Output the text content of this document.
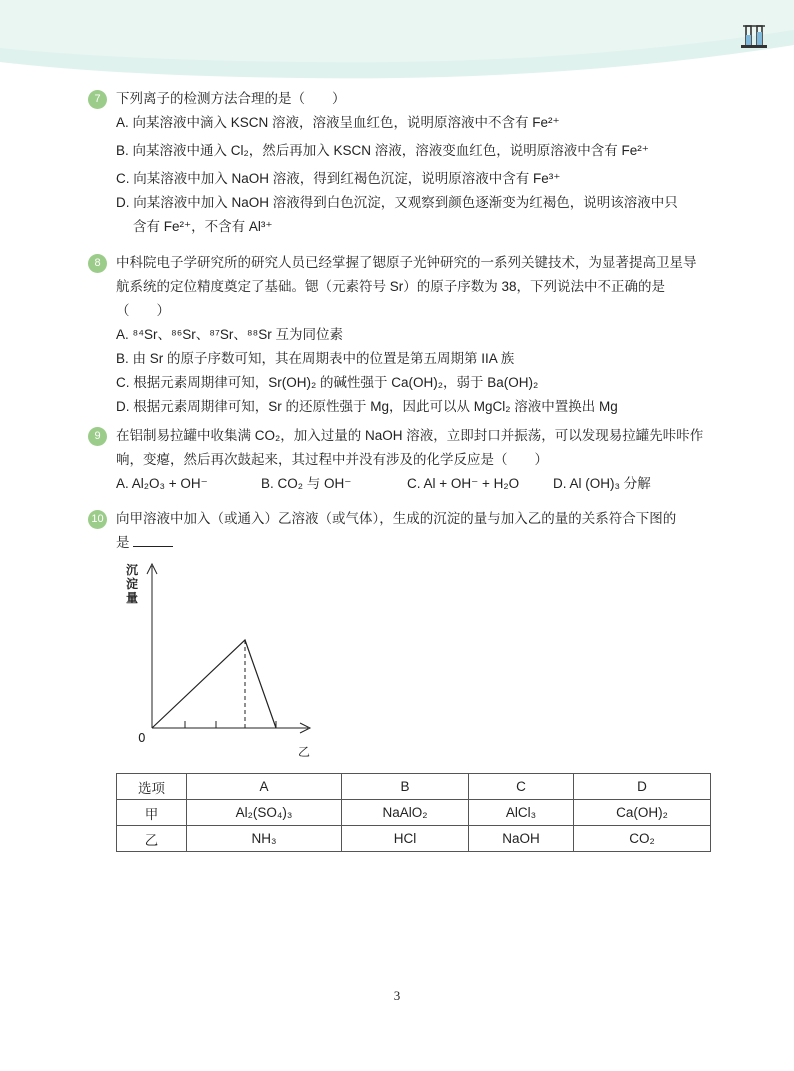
7	下列离子的检测方法合理的是（　　）
A. 向某溶液中滴入 KSCN 溶液，溶液呈血红色，说明原溶液中不含有 Fe²⁺
B. 向某溶液中通入 Cl₂，然后再加入 KSCN 溶液，溶液变血红色，说明原溶液中含有 Fe²⁺
C. 向某溶液中加入 NaOH 溶液，得到红褐色沉淀，说明原溶液中含有 Fe³⁺
D. 向某溶液中加入 NaOH 溶液得到白色沉淀，又观察到颜色逐渐变为红褐色，说明该溶液中只
含有 Fe²⁺，不含有 Al³⁺
8	中科院电子学研究所的研究人员已经掌握了锶原子光钟研究的一系列关键技术，为显著提高卫星导
航系统的定位精度奠定了基础。锶（元素符号 Sr）的原子序数为 38，下列说法中不正确的是
（　　）
A. ⁸⁴Sr、⁸⁶Sr、⁸⁷Sr、⁸⁸Sr 互为同位素
B. 由 Sr 的原子序数可知，其在周期表中的位置是第五周期第 IIA 族
C. 根据元素周期律可知，Sr(OH)₂ 的碱性强于 Ca(OH)₂，弱于 Ba(OH)₂
D. 根据元素周期律可知，Sr 的还原性强于 Mg，因此可以从 MgCl₂ 溶液中置换出 Mg
9	在铝制易拉罐中收集满 CO₂，加入过量的 NaOH 溶液，立即封口并振荡，可以发现易拉罐先咔咔作
响，变瘪，然后再次鼓起来，其过程中并没有涉及的化学反应是（　　）
A. Al₂O₃ + OH⁻	B. CO₂ 与 OH⁻	C. Al + OH⁻ + H₂O	D. Al (OH)₃ 分解
10 向甲溶液中加入（或通入）乙溶液（或气体），生成的沉淀的量与加入乙的量的关系符合下图的
是
沉
淀
量
0
乙
选项	A	B	C	D
甲	Al₂(SO₄)₃	NaAlO₂	AlCl₃	Ca(OH)₂
乙	NH₃	HCl	NaOH	CO₂
3
